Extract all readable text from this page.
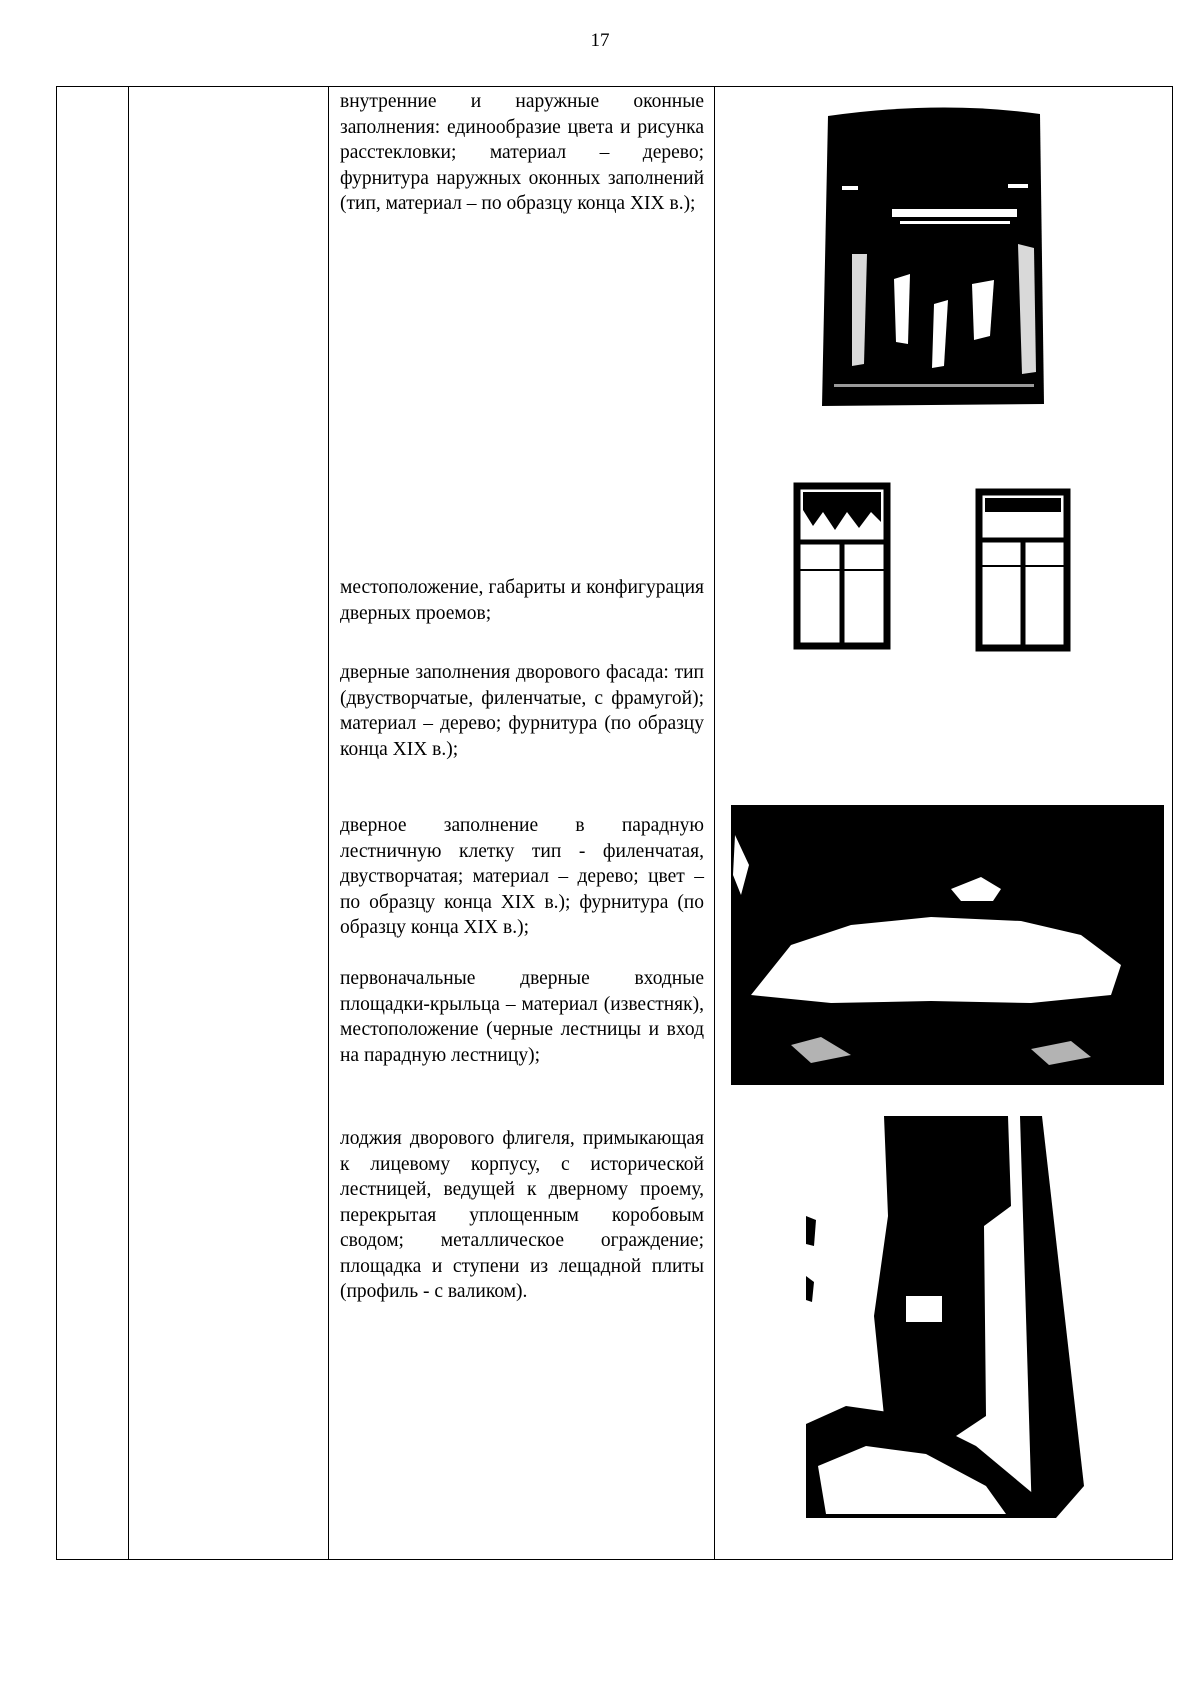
17

внутренние и наружные оконные заполнения: единообразие цвета и рисунка расстекловки; материал – дерево; фурнитура наружных оконных заполнений (тип, материал – по образцу конца XIX в.);

местоположение, габариты и конфигурация дверных проемов;

дверные заполнения дворового фасада: тип (двустворчатые, филенчатые, с фрамугой); материал – дерево; фурнитура (по образцу конца XIX в.);

дверное заполнение в парадную лестничную клетку тип - филенчатая, двустворчатая; материал – дерево; цвет – по образцу конца XIX в.); фурнитура (по образцу конца XIX в.);

первоначальные дверные входные площадки-крыльца – материал (известняк), местоположение (черные лестницы и вход на парадную лестницу);

лоджия дворового флигеля, примыкающая к лицевому корпусу, с исторической лестницей, ведущей к дверному проему, перекрытая уплощенным коробовым сводом; металлическое ограждение; площадка и ступени из лещадной плиты (профиль - с валиком).
